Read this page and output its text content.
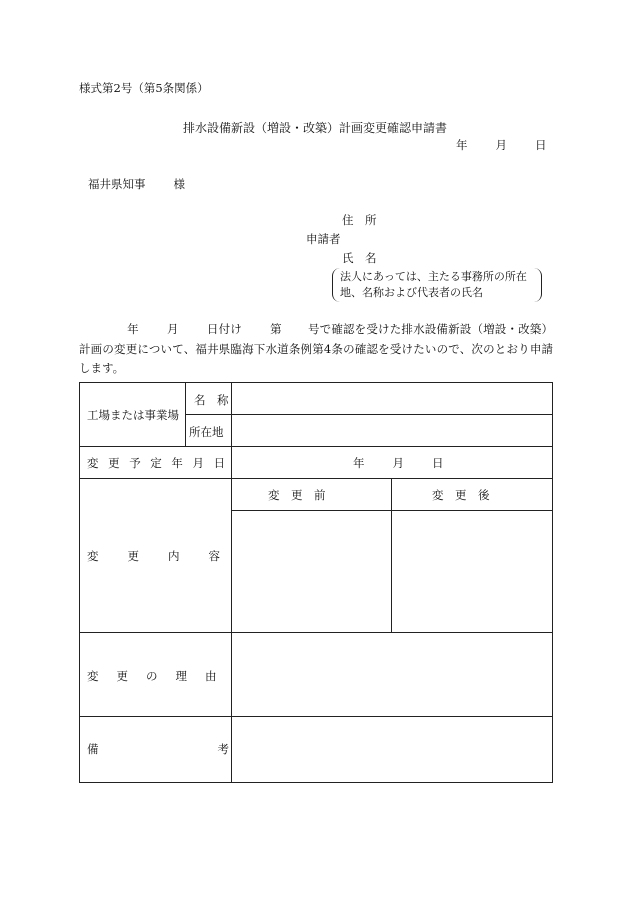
様式第2号（第5条関係）
排水設備新設（増設・改築）計画変更確認申請書
年 月 日
福井県知事 様
住　所
申請者
氏　名
法人にあっては、主たる事務所の所在地、名称および代表者の氏名
年 月 日付け 第 号で確認を受けた排水設備新設（増設・改築）計画の変更について、福井県臨海下水道条例第4条の確認を受けたいので、次のとおり申請します。
工場または事業場
名　称
所在地
変更予定年月日	年 月 日
変更内容
変　更　前	変　更　後
変更の理由
備考
